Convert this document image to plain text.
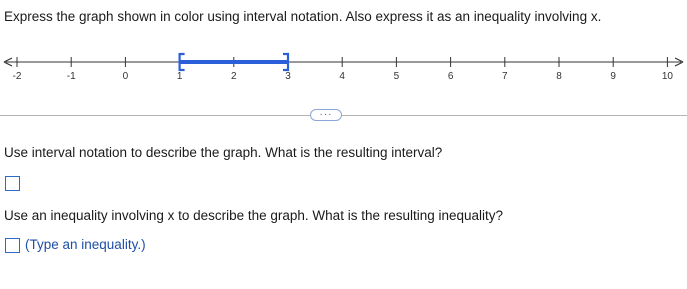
Express the graph shown in color using interval notation. Also express it as an inequality involving x.
-2	-1	0	1	2	3	4	5	6	7	8	9	10
···
Use interval notation to describe the graph. What is the resulting interval?
Use an inequality involving x to describe the graph. What is the resulting inequality?
(Type an inequality.)
